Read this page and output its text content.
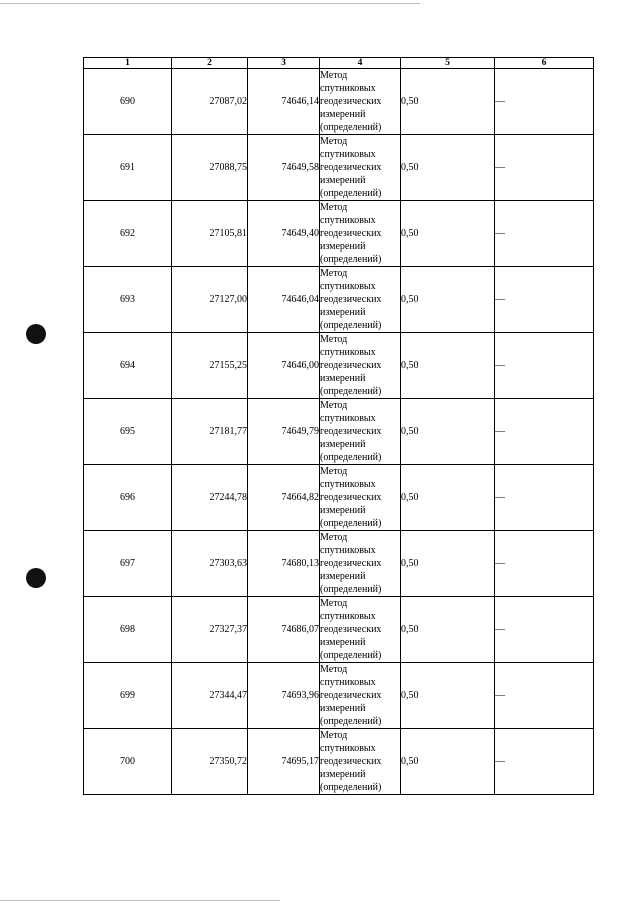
1	2	3	4	5	6
690	27087,02	74646,14	Метод
спутниковых
геодезических
измерений
(определений)	0,50	—
691	27088,75	74649,58	Метод
спутниковых
геодезических
измерений
(определений)	0,50	—
692	27105,81	74649,40	Метод
спутниковых
геодезических
измерений
(определений)	0,50	—
693	27127,00	74646,04	Метод
спутниковых
геодезических
измерений
(определений)	0,50	—
694	27155,25	74646,00	Метод
спутниковых
геодезических
измерений
(определений)	0,50	—
695	27181,77	74649,79	Метод
спутниковых
геодезических
измерений
(определений)	0,50	—
696	27244,78	74664,82	Метод
спутниковых
геодезических
измерений
(определений)	0,50	—
697	27303,63	74680,13	Метод
спутниковых
геодезических
измерений
(определений)	0,50	—
698	27327,37	74686,07	Метод
спутниковых
геодезических
измерений
(определений)	0,50	—
699	27344,47	74693,96	Метод
спутниковых
геодезических
измерений
(определений)	0,50	—
700	27350,72	74695,17	Метод
спутниковых
геодезических
измерений
(определений)	0,50	—
